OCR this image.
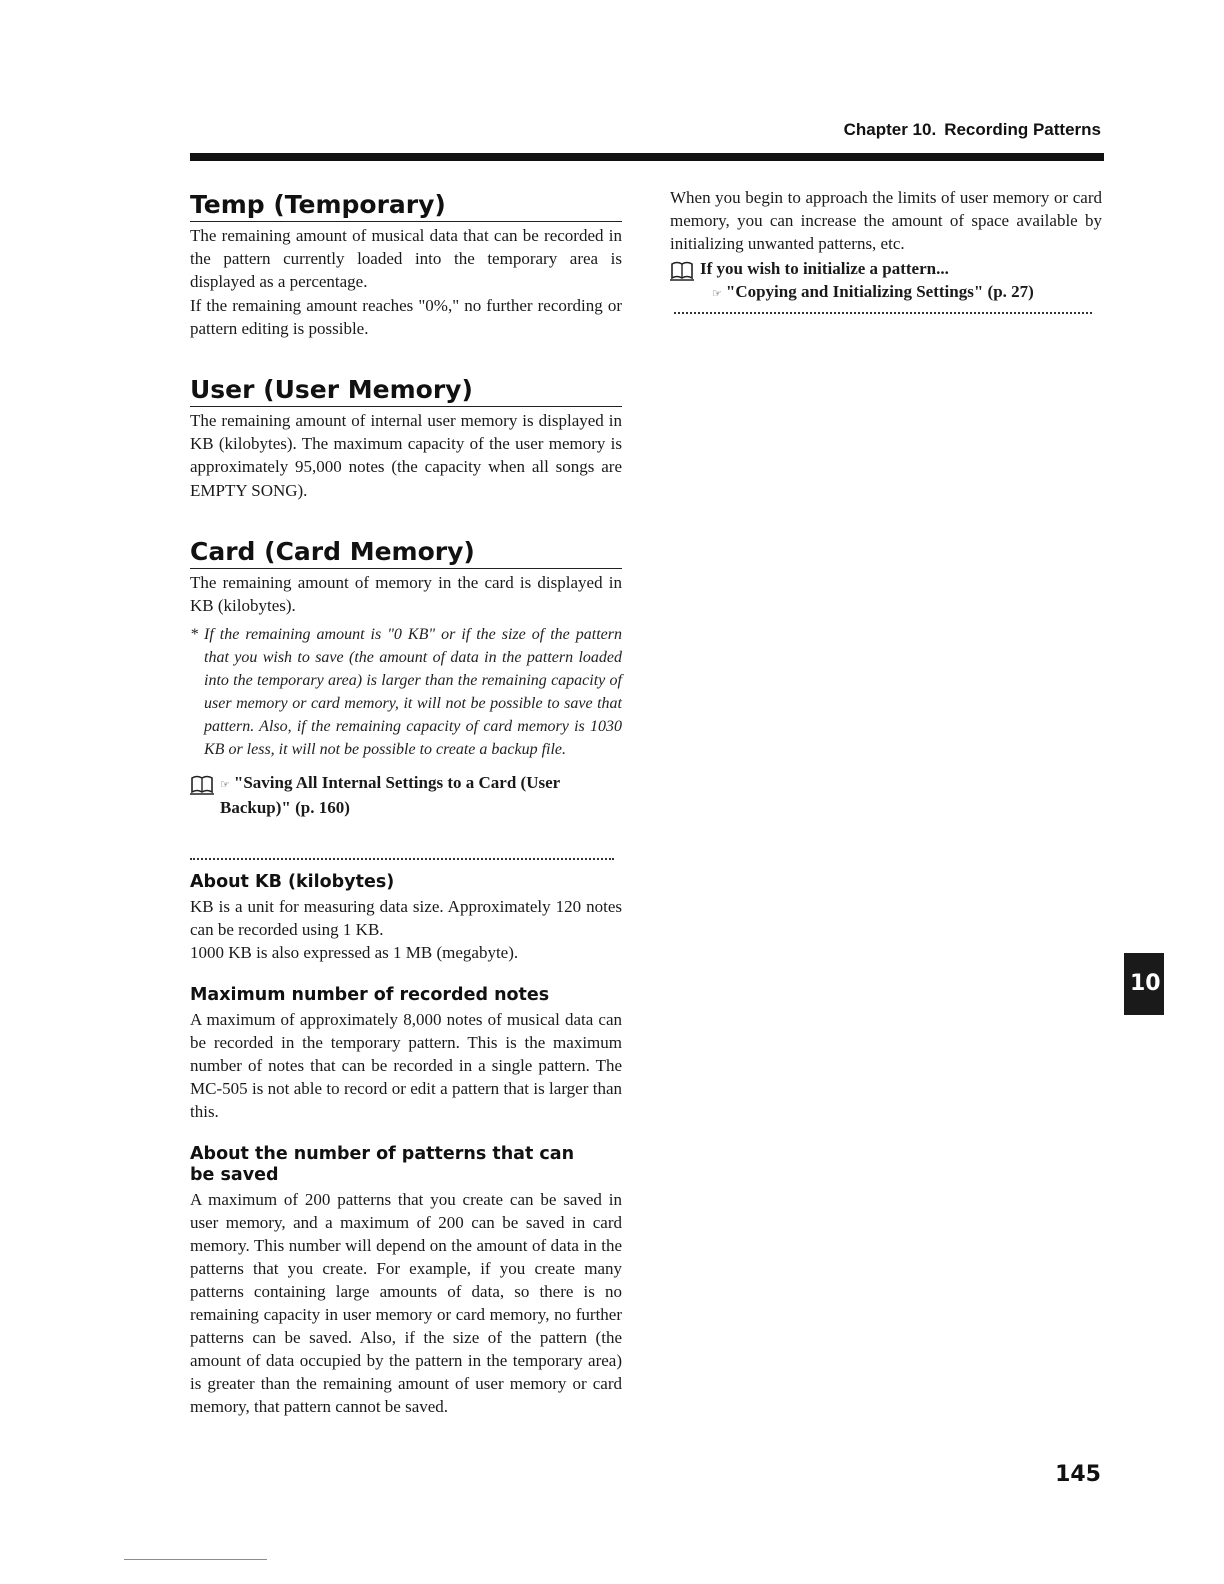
Chapter 10. Recording Patterns
Temp (Temporary)

The remaining amount of musical data that can be recorded in the pattern currently loaded into the temporary area is displayed as a percentage.

If the remaining amount reaches "0%," no further recording or pattern editing is possible.

User (User Memory)

The remaining amount of internal user memory is displayed in KB (kilobytes). The maximum capacity of the user memory is approximately 95,000 notes (the capacity when all songs are EMPTY SONG).

Card (Card Memory)

The remaining amount of memory in the card is displayed in KB (kilobytes).

* If the remaining amount is "0 KB" or if the size of the pattern that you wish to save (the amount of data in the pattern loaded into the temporary area) is larger than the remaining capacity of user memory or card memory, it will not be possible to save that pattern. Also, if the remaining capacity of card memory is 1030 KB or less, it will not be possible to create a backup file.

☞ "Saving All Internal Settings to a Card (User Backup)" (p. 160)
About KB (kilobytes)

KB is a unit for measuring data size. Approximately 120 notes can be recorded using 1 KB.

1000 KB is also expressed as 1 MB (megabyte).

Maximum number of recorded notes

A maximum of approximately 8,000 notes of musical data can be recorded in the temporary pattern. This is the maximum number of notes that can be recorded in a single pattern. The MC-505 is not able to record or edit a pattern that is larger than this.

About the number of patterns that can be saved

A maximum of 200 patterns that you create can be saved in user memory, and a maximum of 200 can be saved in card memory. This number will depend on the amount of data in the patterns that you create. For example, if you create many patterns containing large amounts of data, so there is no remaining capacity in user memory or card memory, no further patterns can be saved. Also, if the size of the pattern (the amount of data occupied by the pattern in the temporary area) is greater than the remaining amount of user memory or card memory, that pattern cannot be saved.

When you begin to approach the limits of user memory or card memory, you can increase the amount of space available by initializing unwanted patterns, etc.

If you wish to initialize a pattern...
☞ "Copying and Initializing Settings" (p. 27)
10
145
